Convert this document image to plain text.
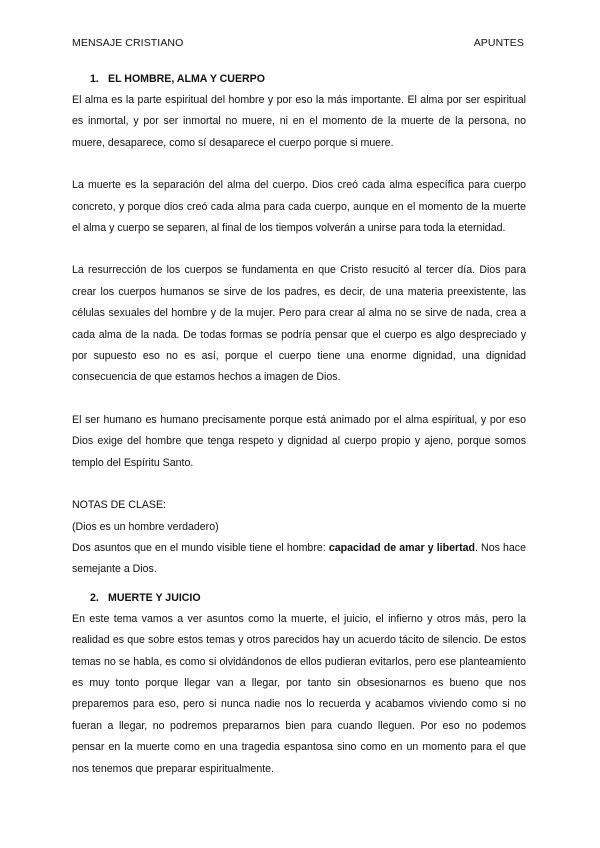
MENSAJE CRISTIANO	APUNTES
1. EL HOMBRE, ALMA Y CUERPO

El alma es la parte espiritual del hombre y por eso la más importante. El alma por ser espiritual es inmortal, y por ser inmortal no muere, ni en el momento de la muerte de la persona, no muere, desaparece, como sí desaparece el cuerpo porque si muere.

La muerte es la separación del alma del cuerpo. Dios creó cada alma específica para cuerpo concreto, y porque dios creó cada alma para cada cuerpo, aunque en el momento de la muerte el alma y cuerpo se separen, al final de los tiempos volverán a unirse para toda la eternidad.

La resurrección de los cuerpos se fundamenta en que Cristo resucitó al tercer día. Dios para crear los cuerpos humanos se sirve de los padres, es decir, de una materia preexistente, las células sexuales del hombre y de la mujer. Pero para crear al alma no se sirve de nada, crea a cada alma de la nada. De todas formas se podría pensar que el cuerpo es algo despreciado y por supuesto eso no es así, porque el cuerpo tiene una enorme dignidad, una dignidad consecuencia de que estamos hechos a imagen de Dios.

El ser humano es humano precisamente porque está animado por el alma espiritual, y por eso Dios exige del hombre que tenga respeto y dignidad al cuerpo propio y ajeno, porque somos templo del Espíritu Santo.

NOTAS DE CLASE:

(Dios es un hombre verdadero)

Dos asuntos que en el mundo visible tiene el hombre: capacidad de amar y libertad. Nos hace semejante a Dios.

2. MUERTE Y JUICIO

En este tema vamos a ver asuntos como la muerte, el juicio, el infierno y otros más, pero la realidad es que sobre estos temas y otros parecidos hay un acuerdo tácito de silencio. De estos temas no se habla, es como si olvidándonos de ellos pudieran evitarlos, pero ese planteamiento es muy tonto porque llegar van a llegar, por tanto sin obsesionarnos es bueno que nos preparemos para eso, pero si nunca nadie nos lo recuerda y acabamos viviendo como si no fueran a llegar, no podremos prepararnos bien para cuando lleguen. Por eso no podemos pensar en la muerte como en una tragedia espantosa sino como en un momento para el que nos tenemos que preparar espiritualmente.
